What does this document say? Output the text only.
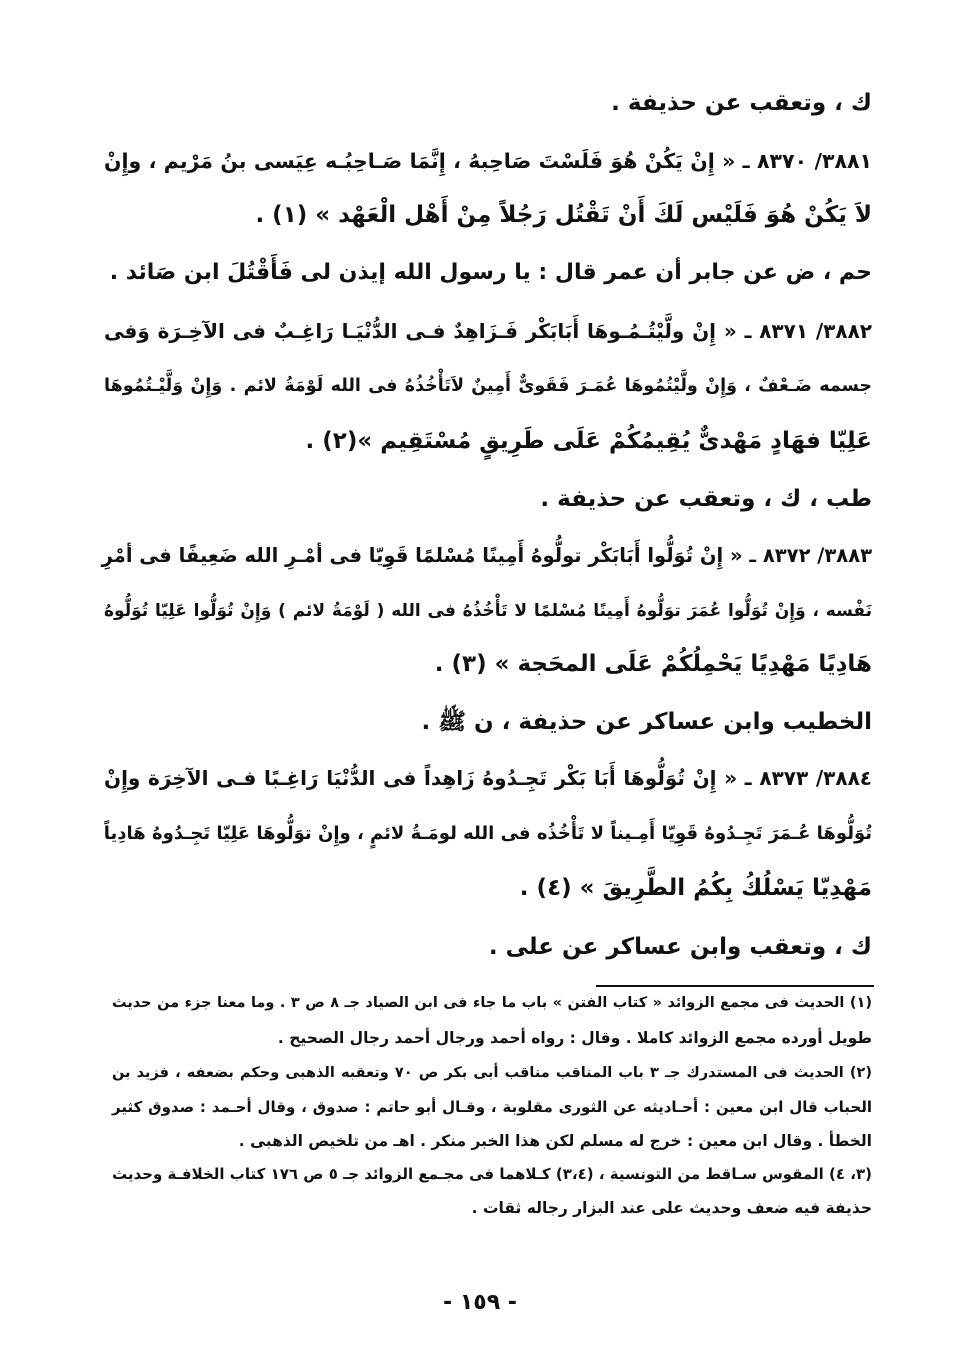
ك ، وتعقب عن حذيفة .
٣٨٨١/ ٨٣٧٠ ـ « إِنْ يَكُنْ هُوَ فَلَسْتَ صَاحِبهُ ، إِنَّمَا صَـاحِبُـه عِيَسى بنُ مَرْيم ، وإِنْ
لاَ يَكُنْ هُوَ فَلَيْس لَكَ أَنْ تَقْتُل رَجُلاً مِنْ أَهْل الْعَهْد » (١) .
حم ، ض عن جابر أن عمر قال : يا رسول الله إيذن لى فَأَقْتُلَ ابن صَائد .
٣٨٨٢/ ٨٣٧١ ـ « إِنْ ولَّيْتُـمُـوهَا أَبَابَكْر فَـزَاهِدٌ فـى الدُّنْيَـا رَاغِـبٌ فى الآخِـرَة وَفى
جسمه ضَـعْفٌ ، وَإِنْ ولَّيْتُمُوهَا عُمَـرَ فَقَوىٌّ أَمِينٌ لاَتَأْخُذُهُ فى الله لَوْمَةُ لائم . وَإِنْ وَلَّيْـتُمُوهَا
عَلِيّا فهَادٍ مَهْدىٌّ يُقِيمُكُمْ عَلَى طَرِيقٍ مُسْتَقِيم »(٢) .
طب ، ك ، وتعقب عن حذيفة .
٣٨٨٣/ ٨٣٧٢ ـ « إِنْ تُوَلُّوا أَبَابَكْر تولُّوهُ أَمِينًا مُسْلمًا قَوِيّا فى أمْـرِ الله ضَعِيفًا فى أمْرِ
نَفْسه ، وَإِنْ تُوَلُّوا عُمَرَ توَلُّوهُ أَمِينًا مُسْلمًا لا تَأْخُذُهُ فى الله ( لَوْمَةُ لائم ) وَإِنْ تُوَلُّوا عَلِيّا تُوَلُّوهُ
هَادِيًا مَهْدِيًا يَحْمِلُكُمْ عَلَى المحَجة » (٣) .
الخطيب وابن عساكر عن حذيفة ، ن ﷺ .
٣٨٨٤/ ٨٣٧٣ ـ « إِنْ تُوَلُّوهَا أَبَا بَكْر تَجِـدُوهُ زَاهِداً فى الدُّنْيَا رَاغِـبًا فـى الآخِرَة وإِنْ
تُوَلُّوهَا عُـمَرَ تَجِـدُوهُ قَوِيّا أَمِـيناً لا تَأْخُذُه فى الله لومَـةُ لائمٍ ، وإِنْ توَلُّوهَا عَلِيّا تَجِـدُوهُ هَادِياً
مَهْدِيّا يَسْلُكُ بِكُمُ الطَّرِيقَ » (٤) .
ك ، وتعقب وابن عساكر عن على .
(١) الحديث فى مجمع الزوائد « كتاب الفتن » باب ما جاء فى ابن الصياد جـ ٨ ص ٣ . وما معنا جزء من حديث
طويل أورده مجمع الزوائد كاملا . وقال : رواه أحمد ورجال أحمد رجال الصحيح .
(٢) الحديث فى المستدرك جـ ٣ باب المناقب مناقب أبى بكر ص ٧٠ وتعقبه الذهبى وحكم بضعفه ، فزيد بن
الحباب قال ابن معين : أحـاديثه عن الثورى مقلوبة ، وقـال أبو حاتم : صدوق ، وقال أحـمد : صدوق كثير
الخطأ . وقال ابن معين : خرج له مسلم لكن هذا الخبر منكر . اهـ من تلخيص الذهبى .
(٣، ٤) المقوس سـاقط من التونسية ، (٣،٤) كـلاهما فى مجـمع الزوائد جـ ٥ ص ١٧٦ كتاب الخلافـة وحديث
حذيفة فيه ضعف وحديث على عند البزار رجاله ثقات .
- ١٥٩ -
